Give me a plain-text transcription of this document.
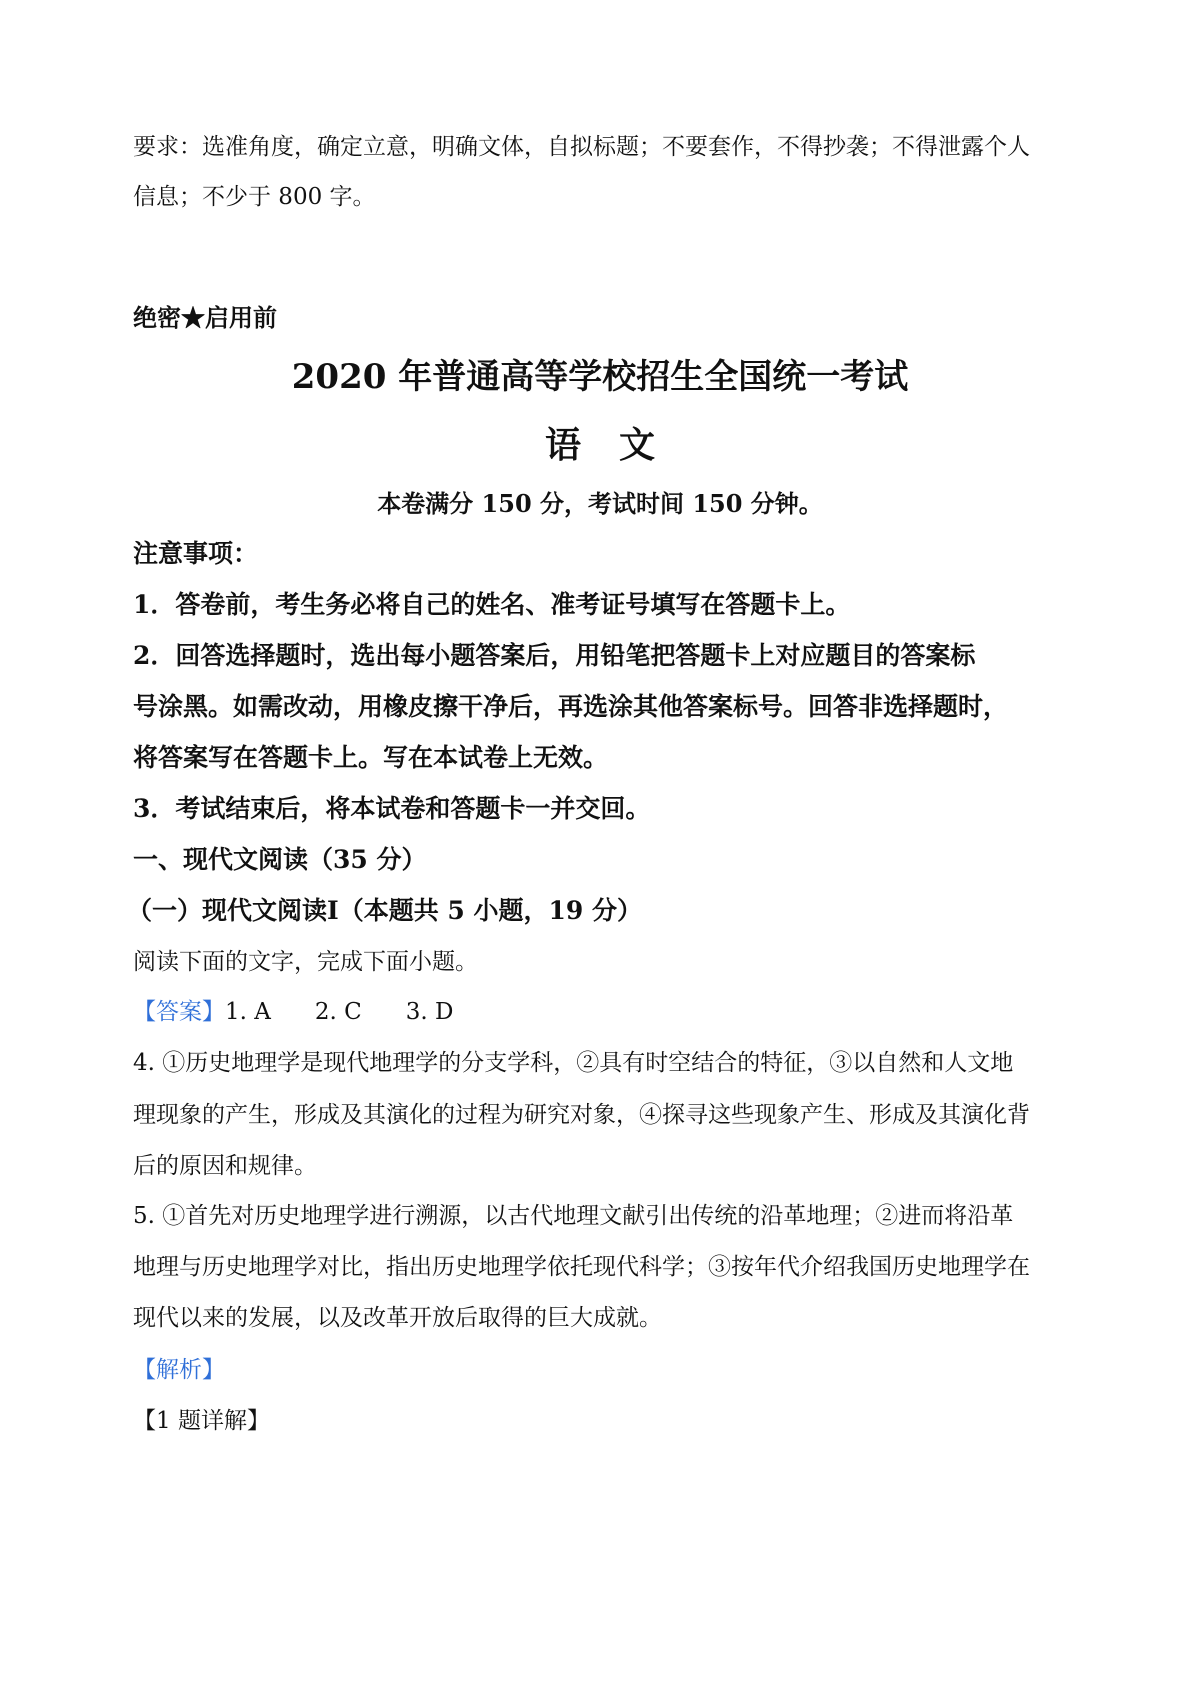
要求：选准角度，确定立意，明确文体，自拟标题；不要套作，不得抄袭；不得泄露个人
信息；不少于 800 字。
绝密★启用前
2020 年普通高等学校招生全国统一考试
语文
本卷满分 150 分，考试时间 150 分钟。
注意事项：
1．答卷前，考生务必将自己的姓名、准考证号填写在答题卡上。
2．回答选择题时，选出每小题答案后，用铅笔把答题卡上对应题目的答案标
号涂黑。如需改动，用橡皮擦干净后，再选涂其他答案标号。回答非选择题时，
将答案写在答题卡上。写在本试卷上无效。
3．考试结束后，将本试卷和答题卡一并交回。
一、现代文阅读（35 分）
（一）现代文阅读Ⅰ（本题共 5 小题，19 分）
阅读下面的文字，完成下面小题。
【答案】1. A 2. C 3. D
4. ①历史地理学是现代地理学的分支学科，②具有时空结合的特征，③以自然和人文地
理现象的产生，形成及其演化的过程为研究对象，④探寻这些现象产生、形成及其演化背
后的原因和规律。
5. ①首先对历史地理学进行溯源，以古代地理文献引出传统的沿革地理；②进而将沿革
地理与历史地理学对比，指出历史地理学依托现代科学；③按年代介绍我国历史地理学在
现代以来的发展，以及改革开放后取得的巨大成就。
【解析】
【1 题详解】
